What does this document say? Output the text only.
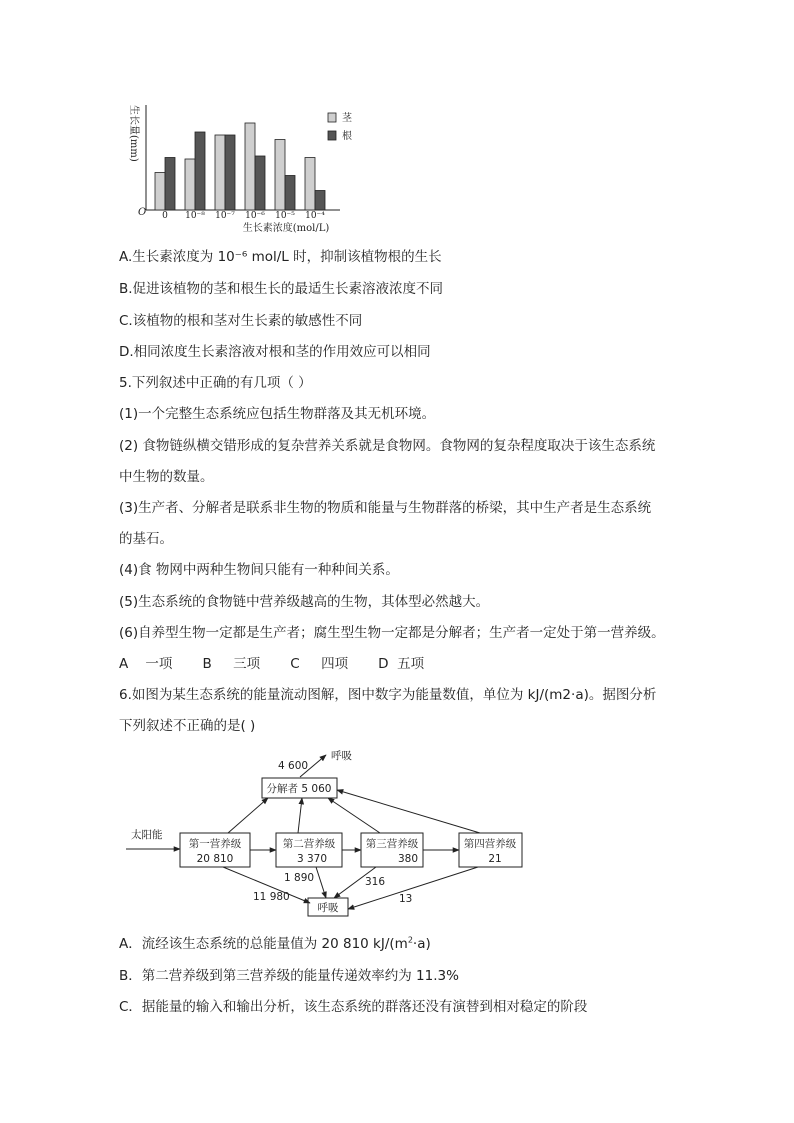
生长量(mm)
O 0 10⁻⁸ 10⁻⁷ 10⁻⁶ 10⁻⁵ 10⁻⁴
生长素浓度(mol/L)
茎
根
A.生长素浓度为 10⁻⁶ mol/L 时，抑制该植物根的生长
B.促进该植物的茎和根生长的最适生长素溶液浓度不同
C.该植物的根和茎对生长素的敏感性不同
D.相同浓度生长素溶液对根和茎的作用效应可以相同
5.下列叙述中正确的有几项（ ）
(1)一个完整生态系统应包括生物群落及其无机环境。
(2) 食物链纵横交错形成的复杂营养关系就是食物网。食物网的复杂程度取决于该生态系统
中生物的数量。
(3)生产者、分解者是联系非生物的物质和能量与生物群落的桥梁，其中生产者是生态系统
的基石。
(4)食 物网中两种生物间只能有一种种间关系。
(5)生态系统的食物链中营养级越高的生物，其体型必然越大。
(6)自养型生物一定都是生产者；腐生型生物一定都是分解者；生产者一定处于第一营养级。
A    一项       B     三项       C     四项       D  五项
6.如图为某生态系统的能量流动图解，图中数字为能量数值，单位为 kJ/(m2·a)。据图分析
下列叙述不正确的是( )
4 600
呼吸
分解者 5 060
太阳能
第一营养级
20 810
第二营养级
3 370
第三营养级
380
第四营养级
21
呼吸
11 980
1 890	316
13
A．流经该生态系统的总能量值为 20 810 $kJ/(m^2\cdot a)$
B．第二营养级到第三营养级的能量传递效率约为 11.3%
C．据能量的输入和输出分析，该生态系统的群落还没有演替到相对稳定的阶段
